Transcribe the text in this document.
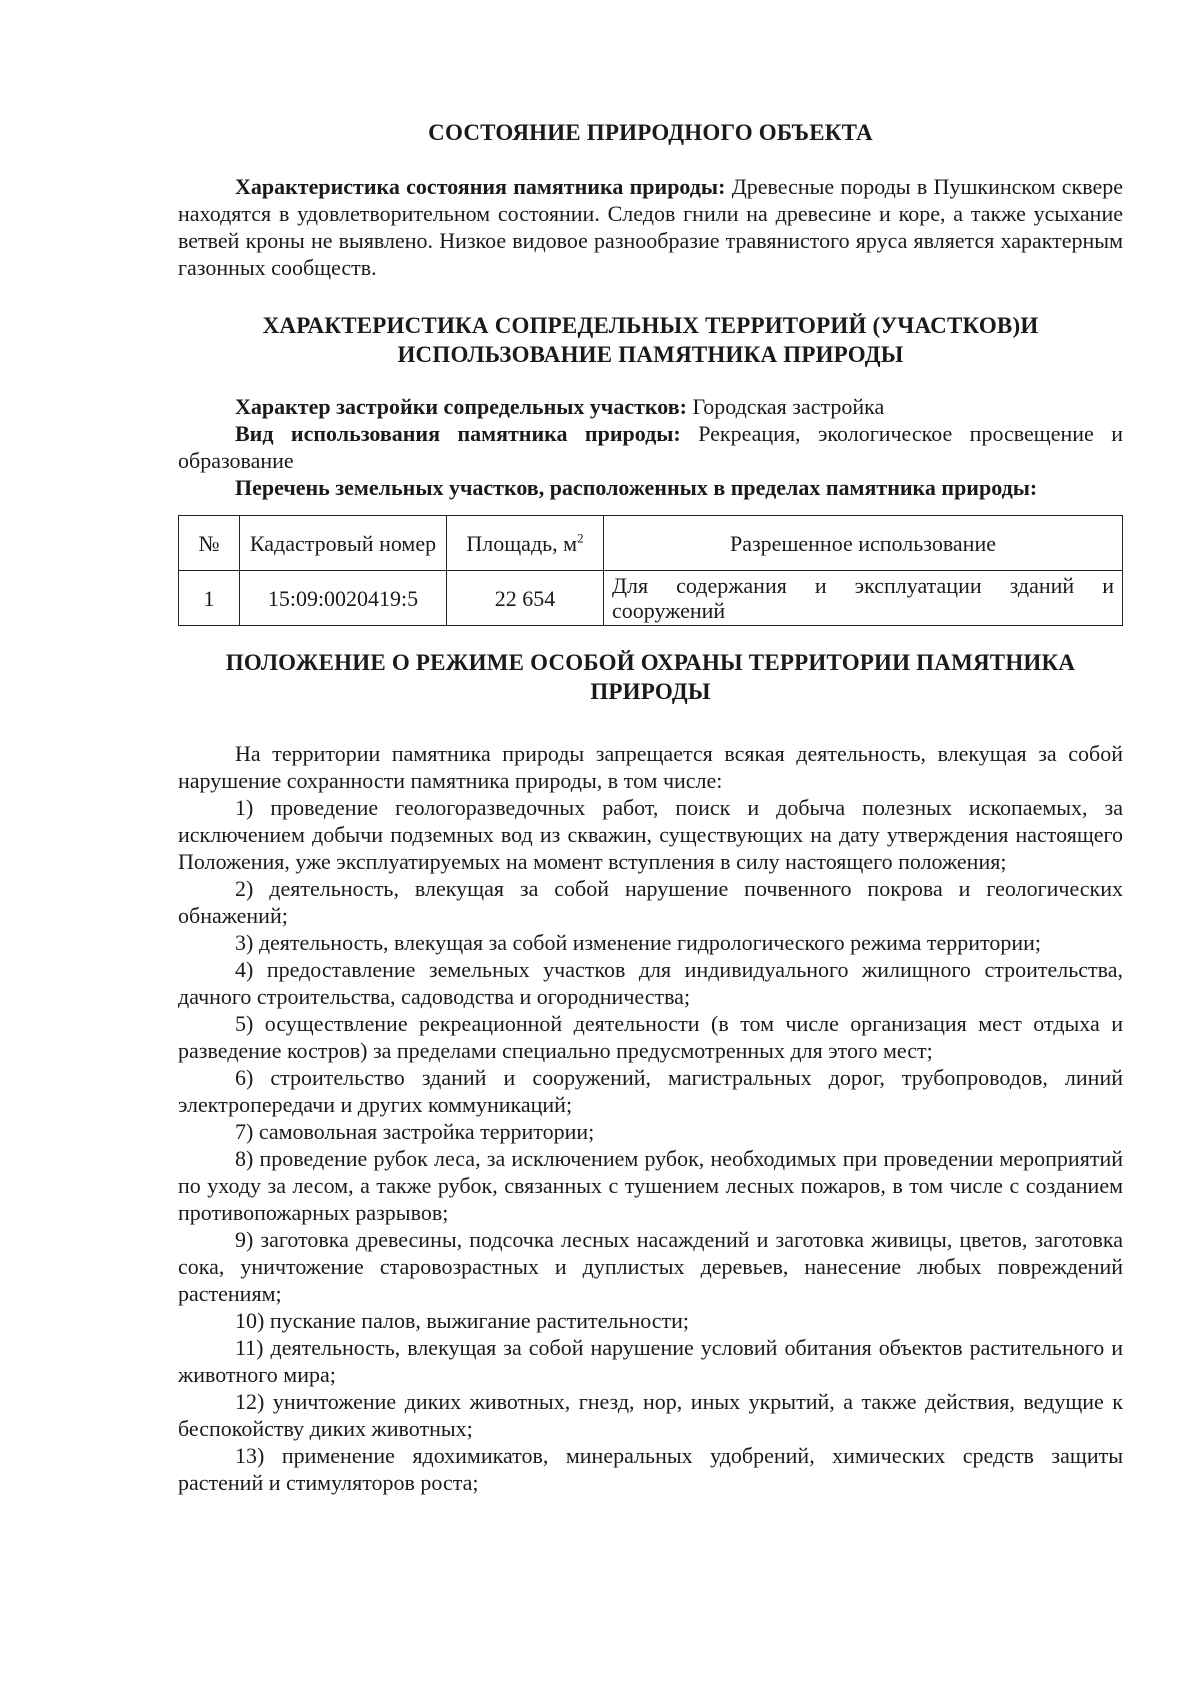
СОСТОЯНИЕ ПРИРОДНОГО ОБЪЕКТА

Характеристика состояния памятника природы: Древесные породы в Пушкинском сквере находятся в удовлетворительном состоянии. Следов гнили на древесине и коре, а также усыхание ветвей кроны не выявлено. Низкое видовое разнообразие травянистого яруса является характерным газонных сообществ.

ХАРАКТЕРИСТИКА СОПРЕДЕЛЬНЫХ ТЕРРИТОРИЙ (УЧАСТКОВ)И
ИСПОЛЬЗОВАНИЕ ПАМЯТНИКА ПРИРОДЫ

Характер застройки сопредельных участков: Городская застройка

Вид использования памятника природы: Рекреация, экологическое просвещение и образование

Перечень земельных участков, расположенных в пределах памятника природы:

№	Кадастровый номер	Площадь, $м^2$	Разрешенное использование
1	15:09:0020419:5	22 654	Для содержания и эксплуатации зданий и сооружений
ПОЛОЖЕНИЕ О РЕЖИМЕ ОСОБОЙ ОХРАНЫ ТЕРРИТОРИИ ПАМЯТНИКА
ПРИРОДЫ

На территории памятника природы запрещается всякая деятельность, влекущая за собой нарушение сохранности памятника природы, в том числе:

1) проведение геологоразведочных работ, поиск и добыча полезных ископаемых, за исключением добычи подземных вод из скважин, существующих на дату утверждения настоящего Положения, уже эксплуатируемых на момент вступления в силу настоящего положения;

2) деятельность, влекущая за собой нарушение почвенного покрова и геологических обнажений;

3) деятельность, влекущая за собой изменение гидрологического режима территории;

4) предоставление земельных участков для индивидуального жилищного строительства, дачного строительства, садоводства и огородничества;

5) осуществление рекреационной деятельности (в том числе организация мест отдыха и разведение костров) за пределами специально предусмотренных для этого мест;

6) строительство зданий и сооружений, магистральных дорог, трубопроводов, линий электропередачи и других коммуникаций;

7) самовольная застройка территории;

8) проведение рубок леса, за исключением рубок, необходимых при проведении мероприятий по уходу за лесом, а также рубок, связанных с тушением лесных пожаров, в том числе с созданием противопожарных разрывов;

9) заготовка древесины, подсочка лесных насаждений и заготовка живицы, цветов, заготовка сока, уничтожение старовозрастных и дуплистых деревьев, нанесение любых повреждений растениям;

10) пускание палов, выжигание растительности;

11) деятельность, влекущая за собой нарушение условий обитания объектов растительного и животного мира;

12) уничтожение диких животных, гнезд, нор, иных укрытий, а также действия, ведущие к беспокойству диких животных;

13) применение ядохимикатов, минеральных удобрений, химических средств защиты растений и стимуляторов роста;
